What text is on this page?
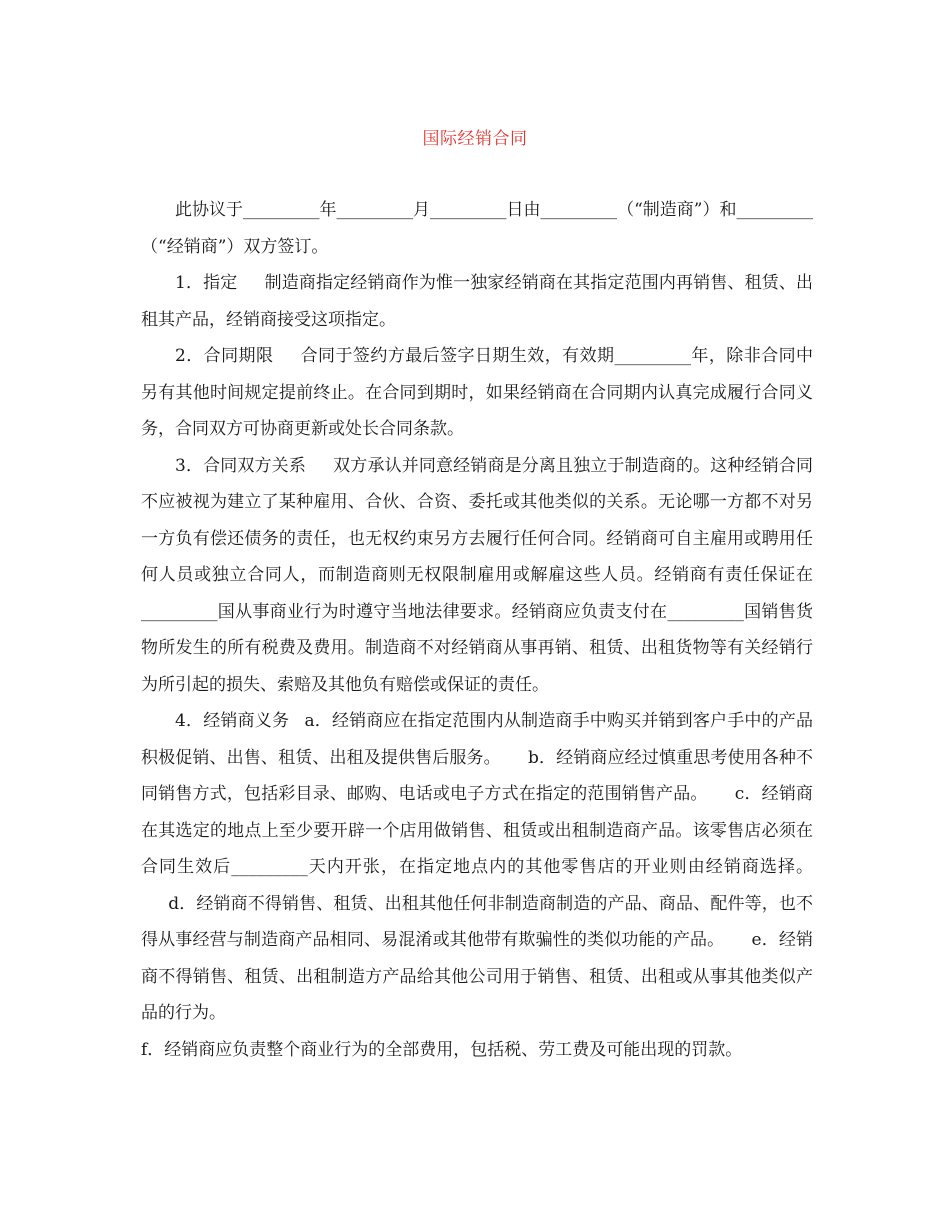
国际经销合同

此协议于_________年_________月_________日由_________（“制造商”）和_________（“经销商”）双方签订。

1．指定 制造商指定经销商作为惟一独家经销商在其指定范围内再销售、租赁、出租其产品，经销商接受这项指定。

2．合同期限 合同于签约方最后签字日期生效，有效期_________年，除非合同中另有其他时间规定提前终止。在合同到期时，如果经销商在合同期内认真完成履行合同义务，合同双方可协商更新或处长合同条款。

3．合同双方关系 双方承认并同意经销商是分离且独立于制造商的。这种经销合同不应被视为建立了某种雇用、合伙、合资、委托或其他类似的关系。无论哪一方都不对另一方负有偿还债务的责任，也无权约束另方去履行任何合同。经销商可自主雇用或聘用任何人员或独立合同人，而制造商则无权限制雇用或解雇这些人员。经销商有责任保证在_________国从事商业行为时遵守当地法律要求。经销商应负责支付在_________国销售货物所发生的所有税费及费用。制造商不对经销商从事再销、租赁、出租货物等有关经销行为所引起的损失、索赔及其他负有赔偿或保证的责任。

4．经销商义务 a．经销商应在指定范围内从制造商手中购买并销到客户手中的产品积极促销、出售、租赁、出租及提供售后服务。 b．经销商应经过慎重思考使用各种不同销售方式，包括彩目录、邮购、电话或电子方式在指定的范围销售产品。 c．经销商在其选定的地点上至少要开辟一个店用做销售、租赁或出租制造商产品。该零售店必须在合同生效后_________天内开张，在指定地点内的其他零售店的开业则由经销商选择。d．经销商不得销售、租赁、出租其他任何非制造商制造的产品、商品、配件等，也不得从事经营与制造商产品相同、易混淆或其他带有欺骗性的类似功能的产品。 e．经销商不得销售、租赁、出租制造方产品给其他公司用于销售、租赁、出租或从事其他类似产品的行为。

f．经销商应负责整个商业行为的全部费用，包括税、劳工费及可能出现的罚款。
